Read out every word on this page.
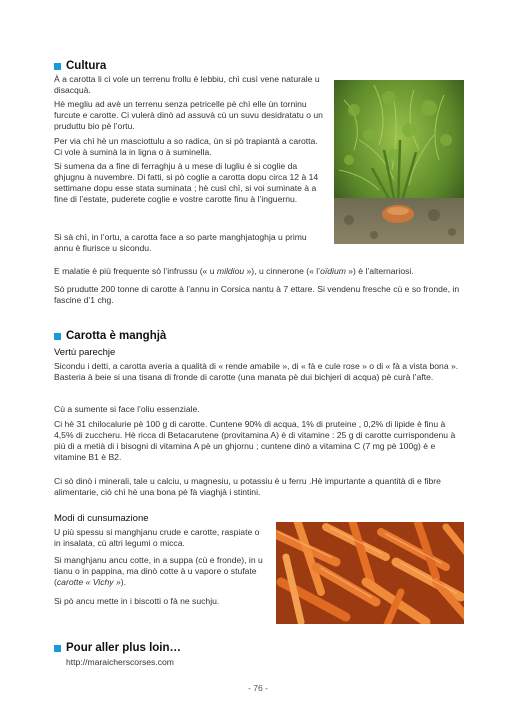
Cultura

À a carotta li ci vole un terrenu frollu è lebbiu, chì cusì vene naturale u disacquà.

Hè megliu ad avè un terrenu senza petricelle pè chì elle ùn torninu furcute e carotte. Ci vulerà dinò ad assuvà cù un suvu desidratatu o un pruduttu bio pè l’ortu.

Per via chì hè un masciottulu a so radica, ùn si pò trapiantà a carotta. Ci vole à suminà la in ligna o à suminella.

Si sumena da a fine di ferraghju à u mese di lugliu è si coglie da ghjugnu à nuvembre. Di fatti, si pò coglie a carotta dopu circa 12 à 14 settimane dopu esse stata suminata ; hè cusì chì, si voi suminate à a fine di l’estate, puderete coglie e vostre carotte finu à l’inguernu.

Si sà chì, in l’ortu, a carotta face a so parte manghjatoghja u primu annu è fiurisce u sicondu.

E malatie è più frequente sò l’infrussu (« u mildiou »), u cinnerone (« l’oïdium ») è l’alternariosi.

Sò prudutte 200 tonne di carotte à l’annu in Corsica nantu à 7 ettare. Si vendenu fresche cù e so fronde, in fascine d’1 chg.

Carotta è manghjà
Vertù parechje

Sicondu i detti, a carotta averia a qualità di « rende amabile », di « fà e cule rose » o di « fà a vista bona ». Basteria à beie si una tisana di fronde di carotte (una manata pè dui bichjeri di acqua) pè curà l’afte.

Cù a sumente si face l’oliu essenziale.

Ci hè 31 chilocalurie pè 100 g di carotte. Cuntene 90% di acqua, 1% di pruteine , 0,2% di lipide è finu à 4,5% di zuccheru. Hè ricca di Betacarutene (provitamina A) è di vitamine : 25 g di carotte currispondenu à più di a metià di i bisogni di vitamina A pè un ghjornu ; cuntene dinò a vitamina C (7 mg pè 100g) è e vitamine B1 è B2.

Ci sò dinò i minerali, tale u calciu, u magnesiu, u potassiu è u ferru .Hè impurtante a quantità di e fibre alimentarie, ciò chì hè una bona pè fà viaghjà i stintini.

Modi di cunsumazione

U più spessu si manghjanu crude e carotte, raspiate o in insalata, cù altri legumi o micca.

Si manghjanu ancu cotte, in a suppa (cù e fronde), in u tianu o in pappina, ma dinò cotte à u vapore o stufate (carotte « Vichy »).

Si pò ancu mette in i biscotti o fà ne suchju.

Pour aller plus loin…
http://maraicherscorses.com
- 76 -
